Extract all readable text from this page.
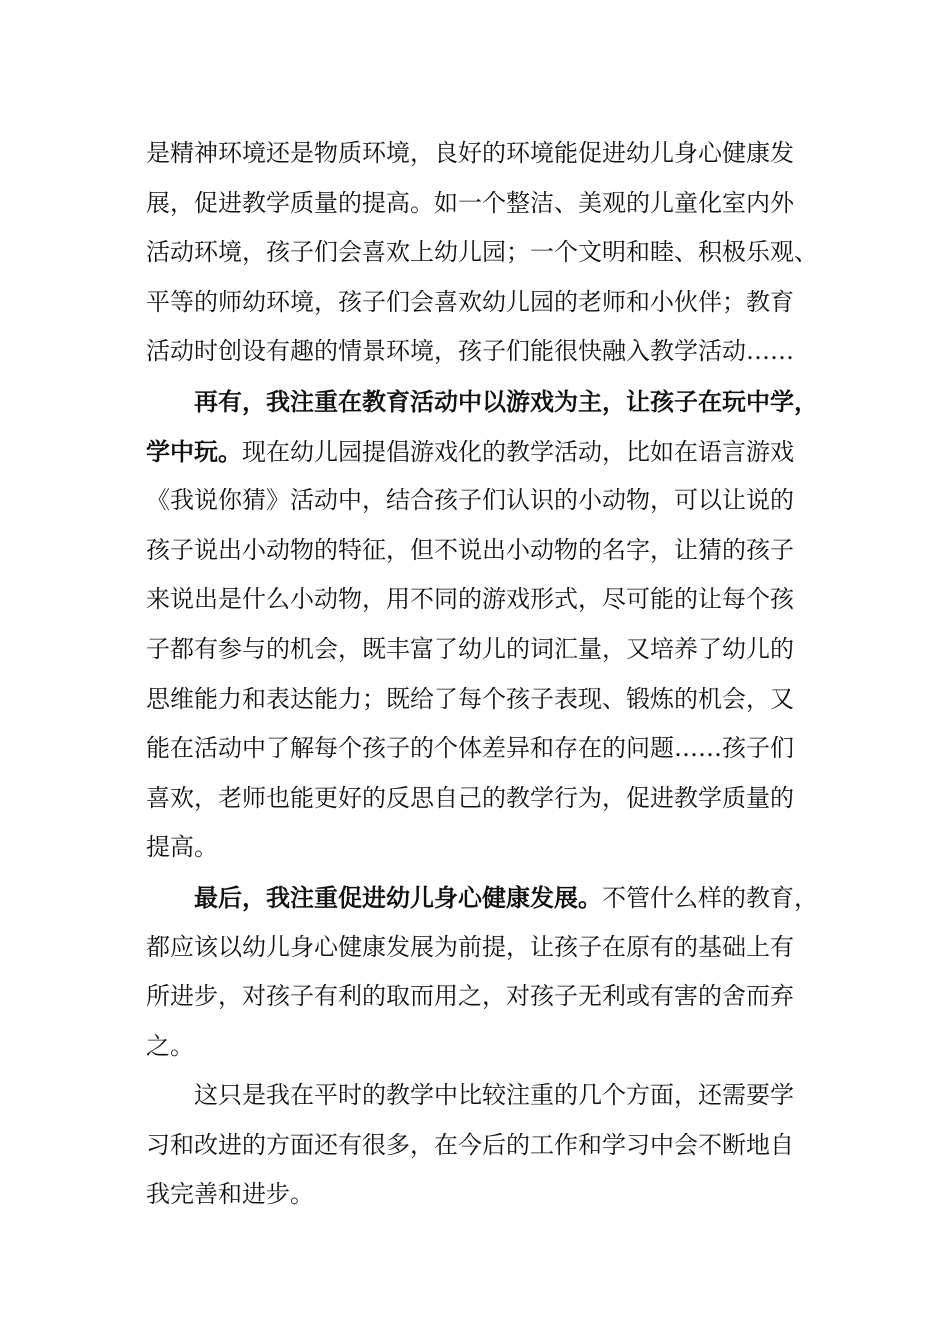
是精神环境还是物质环境，良好的环境能促进幼儿身心健康发
展，促进教学质量的提高。如一个整洁、美观的儿童化室内外
活动环境，孩子们会喜欢上幼儿园；一个文明和睦、积极乐观、
平等的师幼环境，孩子们会喜欢幼儿园的老师和小伙伴；教育
活动时创设有趣的情景环境，孩子们能很快融入教学活动……
再有，我注重在教育活动中以游戏为主，让孩子在玩中学，
学中玩。现在幼儿园提倡游戏化的教学活动，比如在语言游戏
《我说你猜》活动中，结合孩子们认识的小动物，可以让说的
孩子说出小动物的特征，但不说出小动物的名字，让猜的孩子
来说出是什么小动物，用不同的游戏形式，尽可能的让每个孩
子都有参与的机会，既丰富了幼儿的词汇量，又培养了幼儿的
思维能力和表达能力；既给了每个孩子表现、锻炼的机会，又
能在活动中了解每个孩子的个体差异和存在的问题……孩子们
喜欢，老师也能更好的反思自己的教学行为，促进教学质量的
提高。
最后，我注重促进幼儿身心健康发展。不管什么样的教育，
都应该以幼儿身心健康发展为前提，让孩子在原有的基础上有
所进步，对孩子有利的取而用之，对孩子无利或有害的舍而弃
之。
这只是我在平时的教学中比较注重的几个方面，还需要学
习和改进的方面还有很多，在今后的工作和学习中会不断地自
我完善和进步。
